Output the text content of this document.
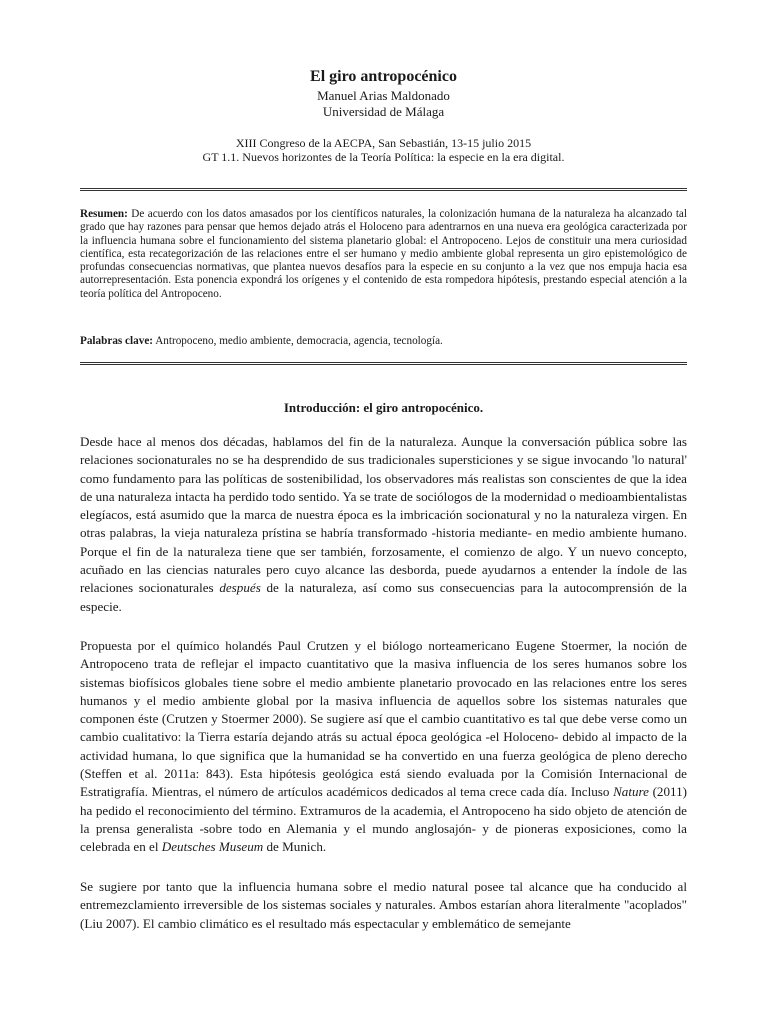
El giro antropocénico
Manuel Arias Maldonado
Universidad de Málaga
XIII Congreso de la AECPA, San Sebastián, 13-15 julio 2015
GT 1.1. Nuevos horizontes de la Teoría Política: la especie en la era digital.
Resumen: De acuerdo con los datos amasados por los científicos naturales, la colonización humana de la naturaleza ha alcanzado tal grado que hay razones para pensar que hemos dejado atrás el Holoceno para adentrarnos en una nueva era geológica caracterizada por la influencia humana sobre el funcionamiento del sistema planetario global: el Antropoceno. Lejos de constituir una mera curiosidad científica, esta recategorización de las relaciones entre el ser humano y medio ambiente global representa un giro epistemológico de profundas consecuencias normativas, que plantea nuevos desafíos para la especie en su conjunto a la vez que nos empuja hacia esa autorrepresentación. Esta ponencia expondrá los orígenes y el contenido de esta rompedora hipótesis, prestando especial atención a la teoría política del Antropoceno.
Palabras clave: Antropoceno, medio ambiente, democracia, agencia, tecnología.
Introducción: el giro antropocénico.
Desde hace al menos dos décadas, hablamos del fin de la naturaleza. Aunque la conversación pública sobre las relaciones socionaturales no se ha desprendido de sus tradicionales supersticiones y se sigue invocando 'lo natural' como fundamento para las políticas de sostenibilidad, los observadores más realistas son conscientes de que la idea de una naturaleza intacta ha perdido todo sentido. Ya se trate de sociólogos de la modernidad o medioambientalistas elegíacos, está asumido que la marca de nuestra época es la imbricación socionatural y no la naturaleza virgen. En otras palabras, la vieja naturaleza prístina se habría transformado -historia mediante- en medio ambiente humano. Porque el fin de la naturaleza tiene que ser también, forzosamente, el comienzo de algo. Y un nuevo concepto, acuñado en las ciencias naturales pero cuyo alcance las desborda, puede ayudarnos a entender la índole de las relaciones socionaturales después de la naturaleza, así como sus consecuencias para la autocomprensión de la especie.
Propuesta por el químico holandés Paul Crutzen y el biólogo norteamericano Eugene Stoermer, la noción de Antropoceno trata de reflejar el impacto cuantitativo que la masiva influencia de los seres humanos sobre los sistemas biofísicos globales tiene sobre el medio ambiente planetario provocado en las relaciones entre los seres humanos y el medio ambiente global por la masiva influencia de aquellos sobre los sistemas naturales que componen éste (Crutzen y Stoermer 2000). Se sugiere así que el cambio cuantitativo es tal que debe verse como un cambio cualitativo: la Tierra estaría dejando atrás su actual época geológica -el Holoceno- debido al impacto de la actividad humana, lo que significa que la humanidad se ha convertido en una fuerza geológica de pleno derecho (Steffen et al. 2011a: 843). Esta hipótesis geológica está siendo evaluada por la Comisión Internacional de Estratigrafía. Mientras, el número de artículos académicos dedicados al tema crece cada día. Incluso Nature (2011) ha pedido el reconocimiento del término. Extramuros de la academia, el Antropoceno ha sido objeto de atención de la prensa generalista -sobre todo en Alemania y el mundo anglosajón- y de pioneras exposiciones, como la celebrada en el Deutsches Museum de Munich.
Se sugiere por tanto que la influencia humana sobre el medio natural posee tal alcance que ha conducido al entremezclamiento irreversible de los sistemas sociales y naturales. Ambos estarían ahora literalmente "acoplados" (Liu 2007). El cambio climático es el resultado más espectacular y emblemático de semejante
